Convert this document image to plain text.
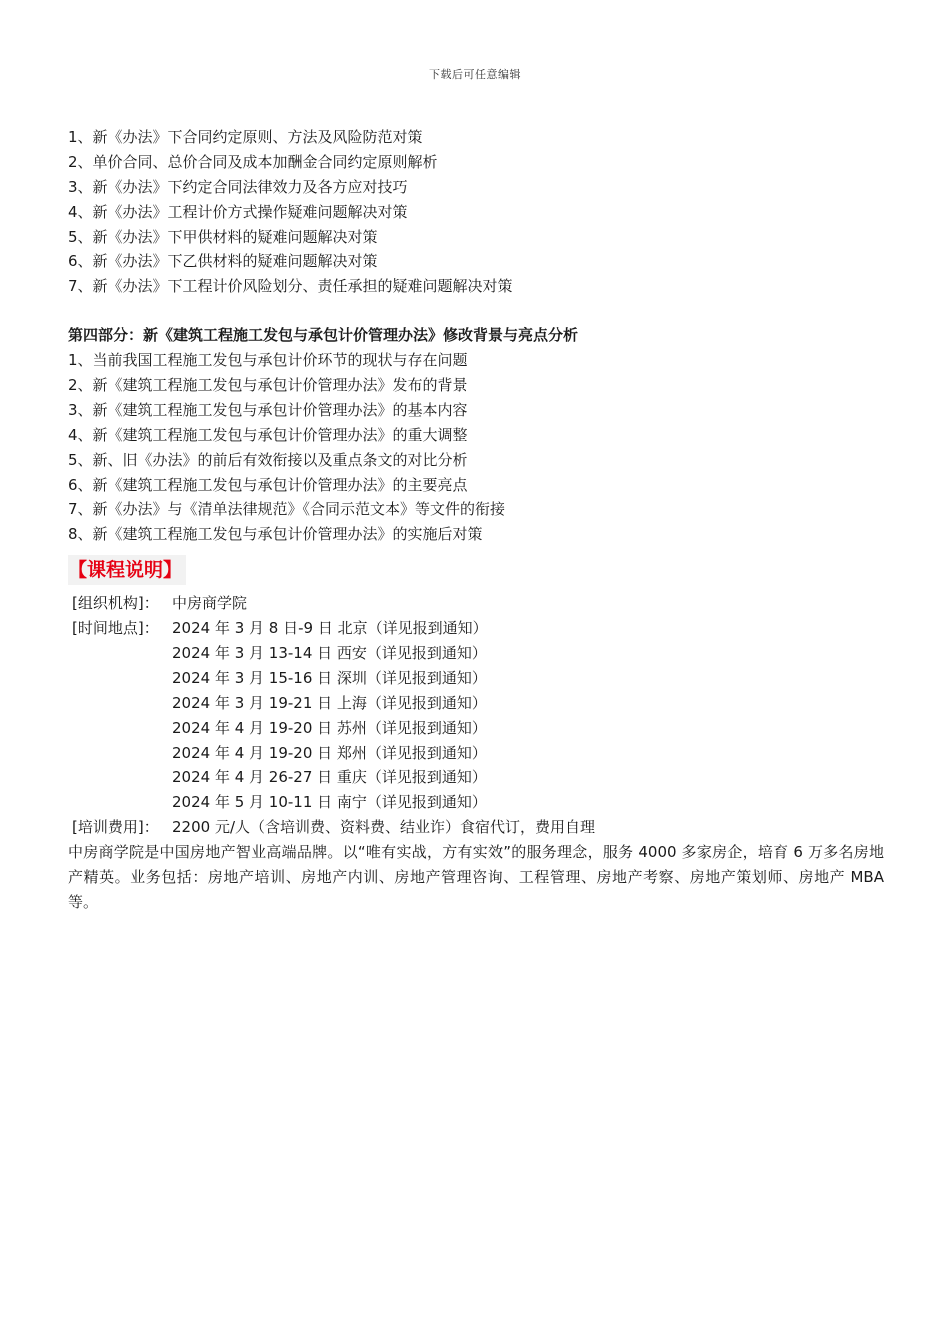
下载后可任意编辑
1、新《办法》下合同约定原则、方法及风险防范对策
2、单价合同、总价合同及成本加酬金合同约定原则解析
3、新《办法》下约定合同法律效力及各方应对技巧
4、新《办法》工程计价方式操作疑难问题解决对策
5、新《办法》下甲供材料的疑难问题解决对策
6、新《办法》下乙供材料的疑难问题解决对策
7、新《办法》下工程计价风险划分、责任承担的疑难问题解决对策
第四部分：新《建筑工程施工发包与承包计价管理办法》修改背景与亮点分析
1、当前我国工程施工发包与承包计价环节的现状与存在问题
2、新《建筑工程施工发包与承包计价管理办法》发布的背景
3、新《建筑工程施工发包与承包计价管理办法》的基本内容
4、新《建筑工程施工发包与承包计价管理办法》的重大调整
5、新、旧《办法》的前后有效衔接以及重点条文的对比分析
6、新《建筑工程施工发包与承包计价管理办法》的主要亮点
7、新《办法》与《清单法律规范》《合同示范文本》等文件的衔接
8、新《建筑工程施工发包与承包计价管理办法》的实施后对策
【课程说明】
[组织机构]： 中房商学院
[时间地点]： 2024 年 3 月 8 日-9 日 北京（详见报到通知）
2024 年 3 月 13-14 日 西安（详见报到通知）
2024 年 3 月 15-16 日 深圳（详见报到通知）
2024 年 3 月 19-21 日 上海（详见报到通知）
2024 年 4 月 19-20 日 苏州（详见报到通知）
2024 年 4 月 19-20 日 郑州（详见报到通知）
2024 年 4 月 26-27 日 重庆（详见报到通知）
2024 年 5 月 10-11 日 南宁（详见报到通知）
[培训费用]： 2200 元/人（含培训费、资料费、结业诈）食宿代订，费用自理
中房商学院是中国房地产智业高端品牌。以“唯有实战，方有实效”的服务理念，服务 4000 多家房企，培育 6 万多名房地产精英。业务包括：房地产培训、房地产内训、房地产管理咨询、工程管理、房地产考察、房地产策划师、房地产 MBA 等。
